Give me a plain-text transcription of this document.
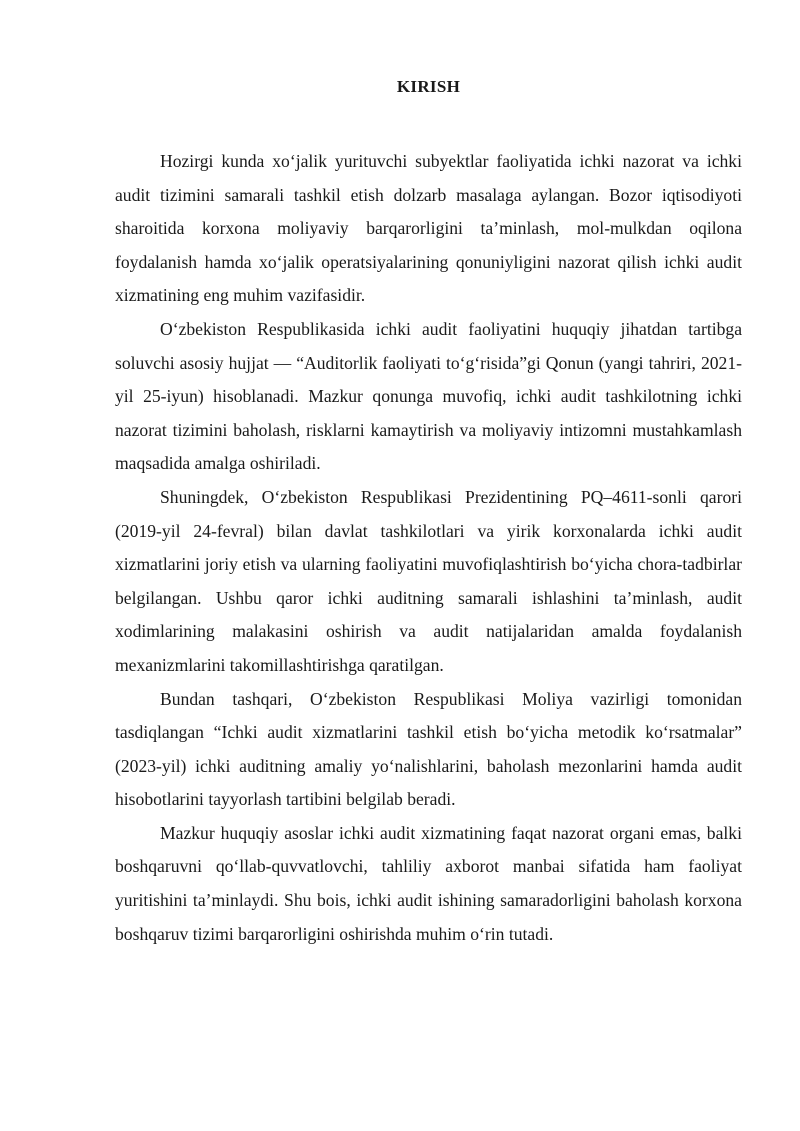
KIRISH

Hozirgi kunda xo‘jalik yurituvchi subyektlar faoliyatida ichki nazorat va ichki audit tizimini samarali tashkil etish dolzarb masalaga aylangan. Bozor iqtisodiyoti sharoitida korxona moliyaviy barqarorligini ta’minlash, mol-mulkdan oqilona foydalanish hamda xo‘jalik operatsiyalarining qonuniyligini nazorat qilish ichki audit xizmatining eng muhim vazifasidir.

O‘zbekiston Respublikasida ichki audit faoliyatini huquqiy jihatdan tartibga soluvchi asosiy hujjat — “Auditorlik faoliyati to‘g‘risida”gi Qonun (yangi tahriri, 2021-yil 25-iyun) hisoblanadi. Mazkur qonunga muvofiq, ichki audit tashkilotning ichki nazorat tizimini baholash, risklarni kamaytirish va moliyaviy intizomni mustahkamlash maqsadida amalga oshiriladi.

Shuningdek, O‘zbekiston Respublikasi Prezidentining PQ–4611-sonli qarori (2019-yil 24-fevral) bilan davlat tashkilotlari va yirik korxonalarda ichki audit xizmatlarini joriy etish va ularning faoliyatini muvofiqlashtirish bo‘yicha chora-tadbirlar belgilangan. Ushbu qaror ichki auditning samarali ishlashini ta’minlash, audit xodimlarining malakasini oshirish va audit natijalaridan amalda foydalanish mexanizmlarini takomillashtirishga qaratilgan.

Bundan tashqari, O‘zbekiston Respublikasi Moliya vazirligi tomonidan tasdiqlangan “Ichki audit xizmatlarini tashkil etish bo‘yicha metodik ko‘rsatmalar” (2023-yil) ichki auditning amaliy yo‘nalishlarini, baholash mezonlarini hamda audit hisobotlarini tayyorlash tartibini belgilab beradi.

Mazkur huquqiy asoslar ichki audit xizmatining faqat nazorat organi emas, balki boshqaruvni qo‘llab-quvvatlovchi, tahliliy axborot manbai sifatida ham faoliyat yuritishini ta’minlaydi. Shu bois, ichki audit ishining samaradorligini baholash korxona boshqaruv tizimi barqarorligini oshirishda muhim o‘rin tutadi.
